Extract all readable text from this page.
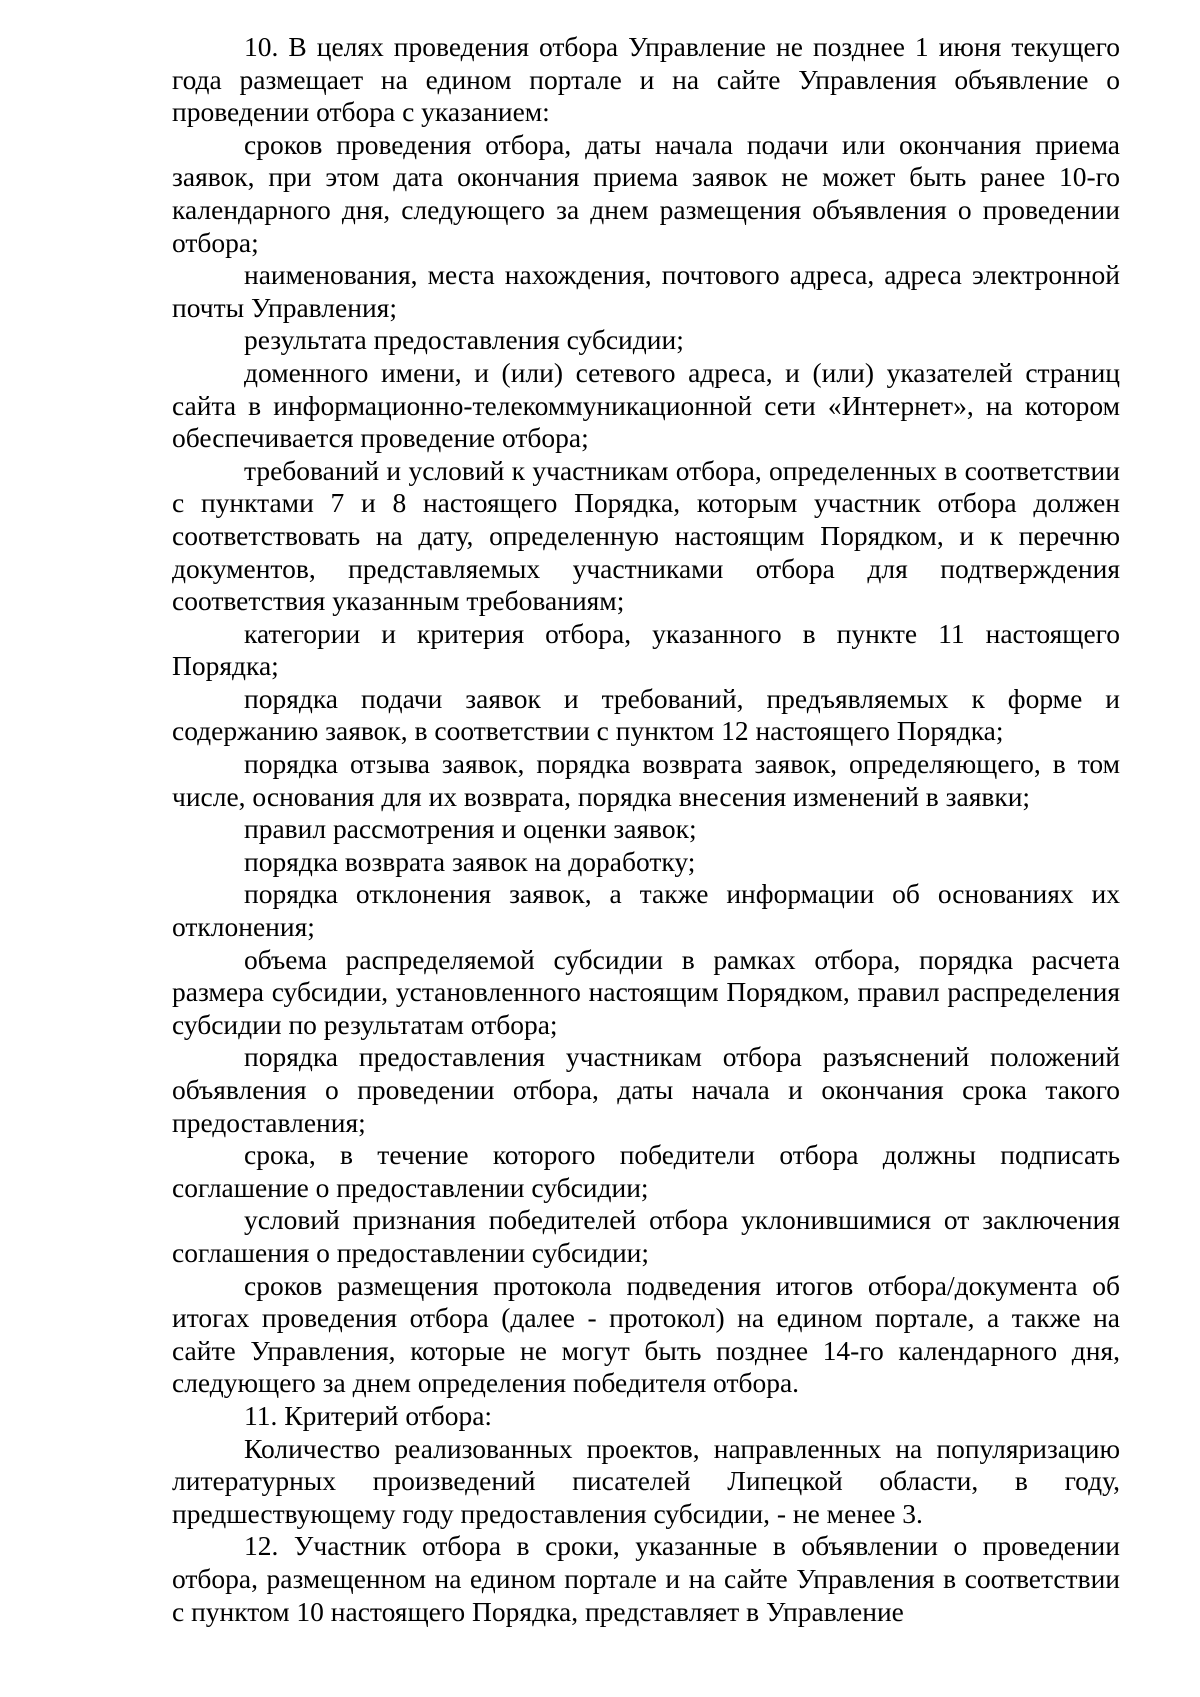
10. В целях проведения отбора Управление не позднее 1 июня текущего года размещает на едином портале и на сайте Управления объявление о проведении отбора с указанием:

сроков проведения отбора, даты начала подачи или окончания приема заявок, при этом дата окончания приема заявок не может быть ранее 10-го календарного дня, следующего за днем размещения объявления о проведении отбора;

наименования, места нахождения, почтового адреса, адреса электронной почты Управления;

результата предоставления субсидии;

доменного имени, и (или) сетевого адреса, и (или) указателей страниц сайта в информационно-телекоммуникационной сети «Интернет», на котором обеспечивается проведение отбора;

требований и условий к участникам отбора, определенных в соответствии с пунктами 7 и 8 настоящего Порядка, которым участник отбора должен соответствовать на дату, определенную настоящим Порядком, и к перечню документов, представляемых участниками отбора для подтверждения соответствия указанным требованиям;

категории и критерия отбора, указанного в пункте 11 настоящего Порядка;

порядка подачи заявок и требований, предъявляемых к форме и содержанию заявок, в соответствии с пунктом 12 настоящего Порядка;

порядка отзыва заявок, порядка возврата заявок, определяющего, в том числе, основания для их возврата, порядка внесения изменений в заявки;

правил рассмотрения и оценки заявок;

порядка возврата заявок на доработку;

порядка отклонения заявок, а также информации об основаниях их отклонения;

объема распределяемой субсидии в рамках отбора, порядка расчета размера субсидии, установленного настоящим Порядком, правил распределения субсидии по результатам отбора;

порядка предоставления участникам отбора разъяснений положений объявления о проведении отбора, даты начала и окончания срока такого предоставления;

срока, в течение которого победители отбора должны подписать соглашение о предоставлении субсидии;

условий признания победителей отбора уклонившимися от заключения соглашения о предоставлении субсидии;

сроков размещения протокола подведения итогов отбора/документа об итогах проведения отбора (далее - протокол) на едином портале, а также на сайте Управления, которые не могут быть позднее 14-го календарного дня, следующего за днем определения победителя отбора.

11. Критерий отбора:

Количество реализованных проектов, направленных на популяризацию литературных произведений писателей Липецкой области, в году, предшествующему году предоставления субсидии, - не менее 3.

12. Участник отбора в сроки, указанные в объявлении о проведении отбора, размещенном на едином портале и на сайте Управления в соответствии с пунктом 10 настоящего Порядка, представляет в Управление
